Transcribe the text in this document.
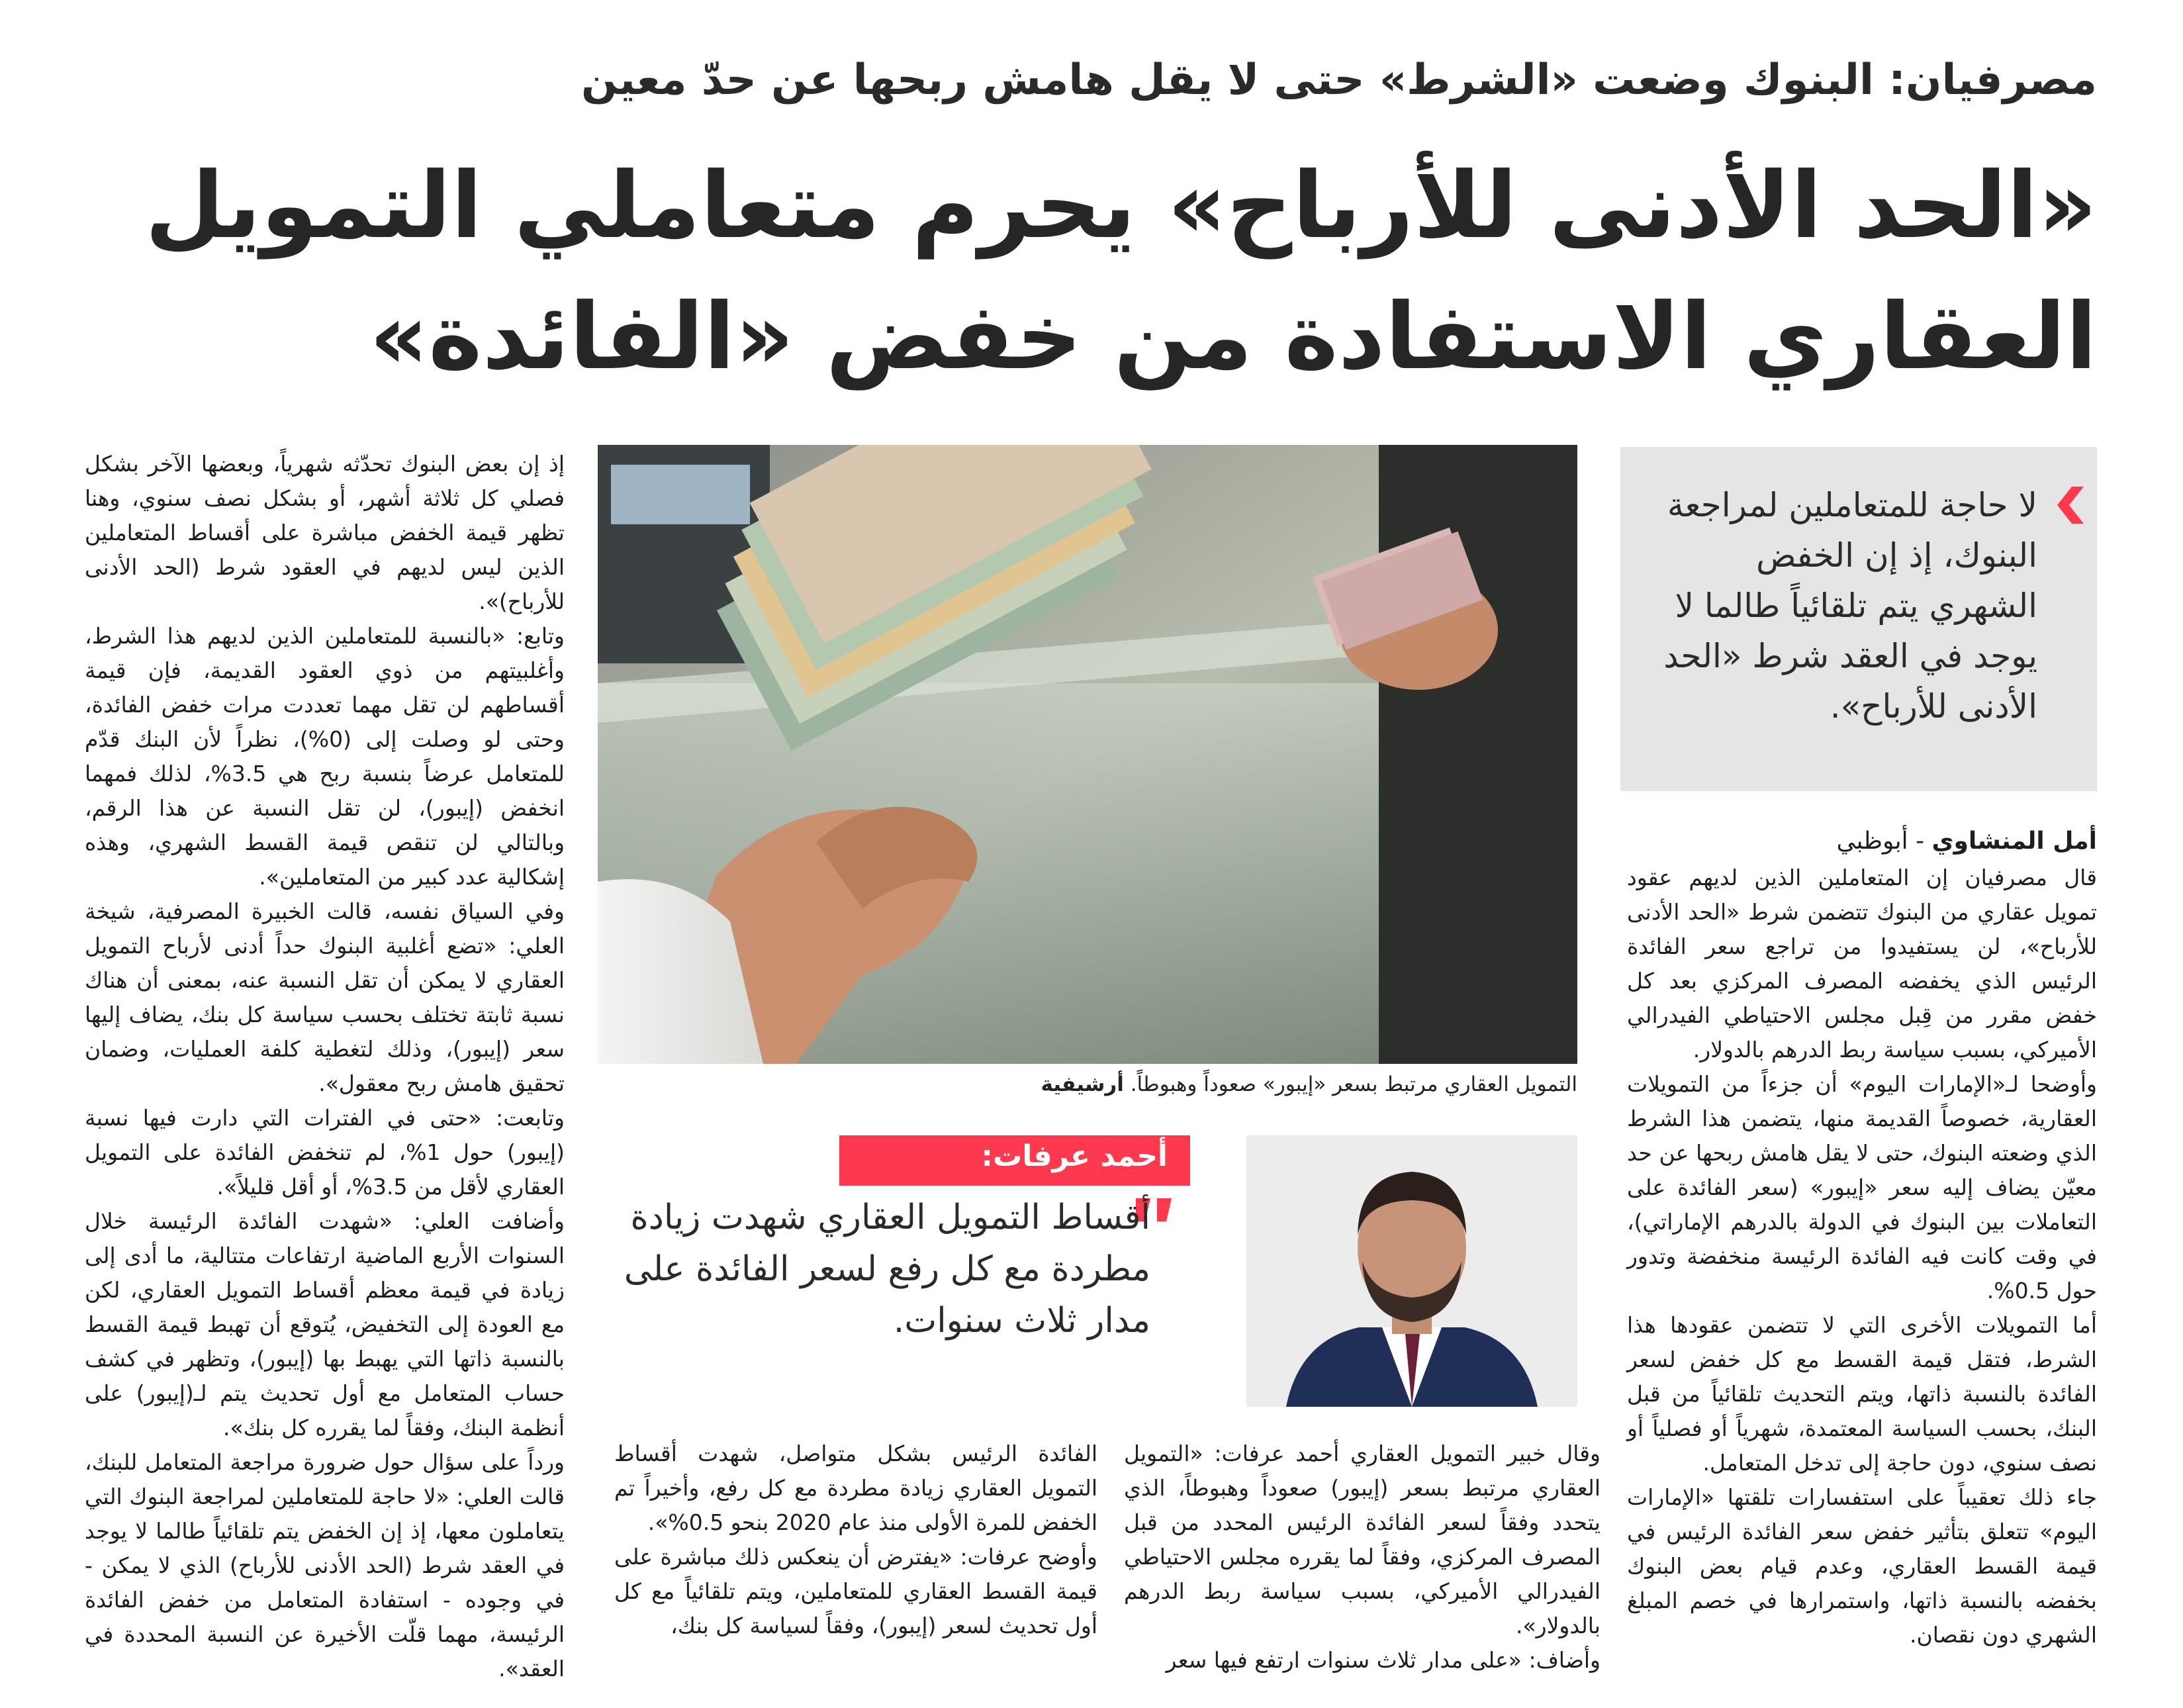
مصرفيان: البنوك وضعت «الشرط» حتى لا يقل هامش ربحها عن حدّ معين
«الحد الأدنى للأرباح» يحرم متعاملي التمويل
العقاري الاستفادة من خفض «الفائدة»
لا حاجة للمتعاملين لمراجعة البنوك، إذ إن الخفض الشهري يتم تلقائياً طالما لا يوجد في العقد شرط «الحد الأدنى للأرباح».
أمل المنشاوي - أبوظبي

قال مصرفيان إن المتعاملين الذين لديهم عقود تمويل عقاري من البنوك تتضمن شرط «الحد الأدنى للأرباح»، لن يستفيدوا من تراجع سعر الفائدة الرئيس الذي يخفضه المصرف المركزي بعد كل خفض مقرر من قِبل مجلس الاحتياطي الفيدرالي الأميركي، بسبب سياسة ربط الدرهم بالدولار.

وأوضحا لـ«الإمارات اليوم» أن جزءاً من التمويلات العقارية، خصوصاً القديمة منها، يتضمن هذا الشرط الذي وضعته البنوك، حتى لا يقل هامش ربحها عن حد معيّن يضاف إليه سعر «إيبور» (سعر الفائدة على التعاملات بين البنوك في الدولة بالدرهم الإماراتي)، في وقت كانت فيه الفائدة الرئيسة منخفضة وتدور حول 0.5%.

أما التمويلات الأخرى التي لا تتضمن عقودها هذا الشرط، فتقل قيمة القسط مع كل خفض لسعر الفائدة بالنسبة ذاتها، ويتم التحديث تلقائياً من قبل البنك، بحسب السياسة المعتمدة، شهرياً أو فصلياً أو نصف سنوي، دون حاجة إلى تدخل المتعامل.

جاء ذلك تعقيباً على استفسارات تلقتها «الإمارات اليوم» تتعلق بتأثير خفض سعر الفائدة الرئيس في قيمة القسط العقاري، وعدم قيام بعض البنوك بخفضه بالنسبة ذاتها، واستمرارها في خصم المبلغ الشهري دون نقصان.

التمويل العقاري مرتبط بسعر «إيبور» صعوداً وهبوطاً. أرشيفية
أحمد عرفات:
أقساط التمويل العقاري شهدت زيادة مطردة مع كل رفع لسعر الفائدة على مدار ثلاث سنوات.

وقال خبير التمويل العقاري أحمد عرفات: «التمويل العقاري مرتبط بسعر (إيبور) صعوداً وهبوطاً، الذي يتحدد وفقاً لسعر الفائدة الرئيس المحدد من قبل المصرف المركزي، وفقاً لما يقرره مجلس الاحتياطي الفيدرالي الأميركي، بسبب سياسة ربط الدرهم بالدولار».

وأضاف: «على مدار ثلاث سنوات ارتفع فيها سعر

الفائدة الرئيس بشكل متواصل، شهدت أقساط التمويل العقاري زيادة مطردة مع كل رفع، وأخيراً تم الخفض للمرة الأولى منذ عام 2020 بنحو 0.5%».

وأوضح عرفات: «يفترض أن ينعكس ذلك مباشرة على قيمة القسط العقاري للمتعاملين، ويتم تلقائياً مع كل أول تحديث لسعر (إيبور)، وفقاً لسياسة كل بنك،

إذ إن بعض البنوك تحدّثه شهرياً، وبعضها الآخر بشكل فصلي كل ثلاثة أشهر، أو بشكل نصف سنوي، وهنا تظهر قيمة الخفض مباشرة على أقساط المتعاملين الذين ليس لديهم في العقود شرط (الحد الأدنى للأرباح)».

وتابع: «بالنسبة للمتعاملين الذين لديهم هذا الشرط، وأغلبيتهم من ذوي العقود القديمة، فإن قيمة أقساطهم لن تقل مهما تعددت مرات خفض الفائدة، وحتى لو وصلت إلى (0%)، نظراً لأن البنك قدّم للمتعامل عرضاً بنسبة ربح هي 3.5%، لذلك فمهما انخفض (إيبور)، لن تقل النسبة عن هذا الرقم، وبالتالي لن تنقص قيمة القسط الشهري، وهذه إشكالية عدد كبير من المتعاملين».

وفي السياق نفسه، قالت الخبيرة المصرفية، شيخة العلي: «تضع أغلبية البنوك حداً أدنى لأرباح التمويل العقاري لا يمكن أن تقل النسبة عنه، بمعنى أن هناك نسبة ثابتة تختلف بحسب سياسة كل بنك، يضاف إليها سعر (إيبور)، وذلك لتغطية كلفة العمليات، وضمان تحقيق هامش ربح معقول».

وتابعت: «حتى في الفترات التي دارت فيها نسبة (إيبور) حول 1%، لم تنخفض الفائدة على التمويل العقاري لأقل من 3.5%، أو أقل قليلاً».

وأضافت العلي: «شهدت الفائدة الرئيسة خلال السنوات الأربع الماضية ارتفاعات متتالية، ما أدى إلى زيادة في قيمة معظم أقساط التمويل العقاري، لكن مع العودة إلى التخفيض، يُتوقع أن تهبط قيمة القسط بالنسبة ذاتها التي يهبط بها (إيبور)، وتظهر في كشف حساب المتعامل مع أول تحديث يتم لـ(إيبور) على أنظمة البنك، وفقاً لما يقرره كل بنك».

ورداً على سؤال حول ضرورة مراجعة المتعامل للبنك، قالت العلي: «لا حاجة للمتعاملين لمراجعة البنوك التي يتعاملون معها، إذ إن الخفض يتم تلقائياً طالما لا يوجد في العقد شرط (الحد الأدنى للأرباح) الذي لا يمكن - في وجوده - استفادة المتعامل من خفض الفائدة الرئيسة، مهما قلّت الأخيرة عن النسبة المحددة في العقد».
